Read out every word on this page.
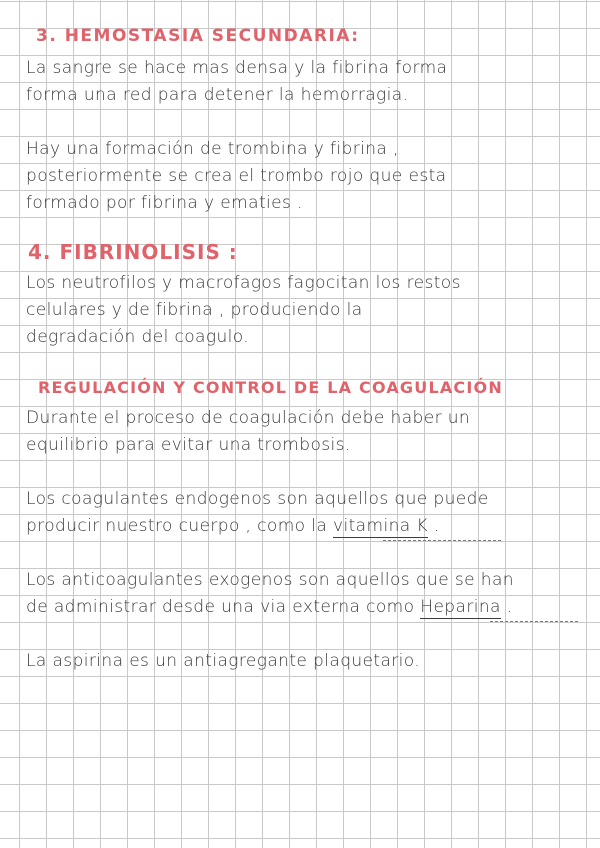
3. HEMOSTASIA SECUNDARIA:
La sangre se hace mas densa y la fibrina forma
forma una red para detener la hemorragia.
Hay una formación de trombina y fibrina ,
posteriormente se crea el trombo rojo que esta
formado por fibrina y ematies .
4. FIBRINOLISIS :
Los neutrofilos y macrofagos fagocitan los restos
celulares y de fibrina , produciendo la
degradación del coagulo.
REGULACIÓN Y CONTROL DE LA COAGULACIÓN
Durante el proceso de coagulación debe haber un
equilibrio para evitar una trombosis.
Los coagulantes endogenos son aquellos que puede
producir nuestro cuerpo , como la vitamina K .
Los anticoagulantes exogenos son aquellos que se han
de administrar desde una via externa como Heparina .
La aspirina es un antiagregante plaquetario.
